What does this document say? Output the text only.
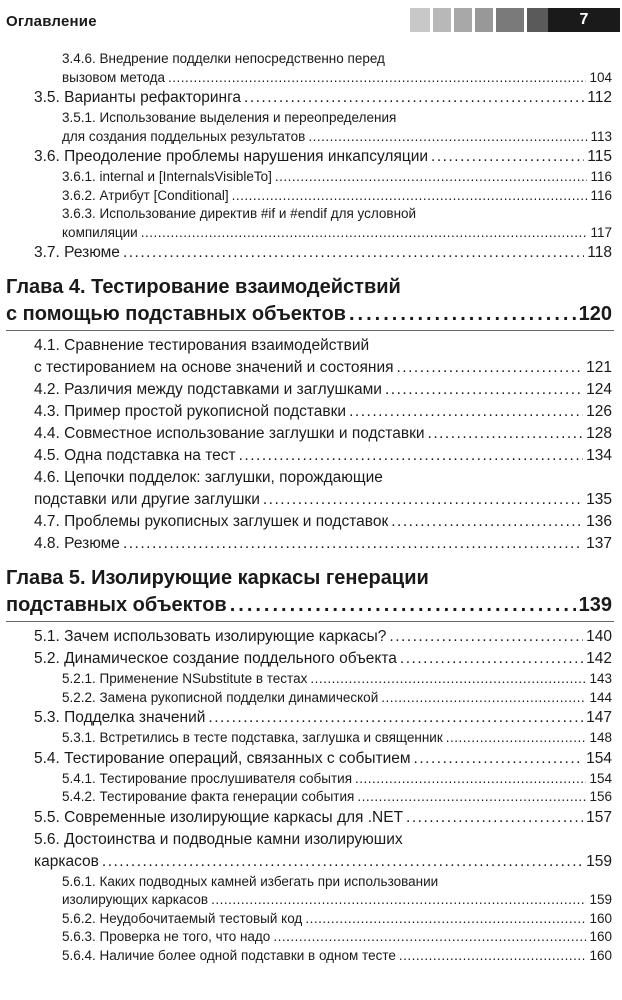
Оглавление	7
3.4.6. Внедрение подделки непосредственно перед
вызовом метода .....	104
3.5. Варианты рефакторинга .....	112
3.5.1. Использование выделения и переопределения
для создания поддельных результатов .....	113
3.6. Преодоление проблемы нарушения инкапсуляции .....	115
3.6.1. internal и [InternalsVisibleTo] .....	116
3.6.2. Атрибут [Conditional] .....	116
3.6.3. Использование директив #if и #endif для условной
компиляции .....	117
3.7. Резюме .....	118
Глава 4. Тестирование взаимодействий
с помощью подставных объектов .....	120
4.1. Сравнение тестирования взаимодействий
с тестированием на основе значений и состояния .....	121
4.2. Различия между подставками и заглушками .....	124
4.3. Пример простой рукописной подставки .....	126
4.4. Совместное использование заглушки и подставки .....	128
4.5. Одна подставка на тест .....	134
4.6. Цепочки подделок: заглушки, порождающие
подставки или другие заглушки .....	135
4.7. Проблемы рукописных заглушек и подставок .....	136
4.8. Резюме .....	137
Глава 5. Изолирующие каркасы генерации
подставных объектов .....	139
5.1. Зачем использовать изолирующие каркасы? .....	140
5.2. Динамическое создание поддельного объекта .....	142
5.2.1. Применение NSubstitute в тестах .....	143
5.2.2. Замена рукописной подделки динамической .....	144
5.3. Подделка значений .....	147
5.3.1. Встретились в тесте подставка, заглушка и священник .....	148
5.4. Тестирование операций, связанных с событием .....	154
5.4.1. Тестирование прослушивателя события .....	154
5.4.2. Тестирование факта генерации события .....	156
5.5. Современные изолирующие каркасы для .NET .....	157
5.6. Достоинства и подводные камни изолируюших
каркасов .....	159
5.6.1. Каких подводных камней избегать при использовании
изолирующих каркасов .....	159
5.6.2. Неудобочитаемый тестовый код .....	160
5.6.3. Проверка не того, что надо .....	160
5.6.4. Наличие более одной подставки в одном тесте .....	160
